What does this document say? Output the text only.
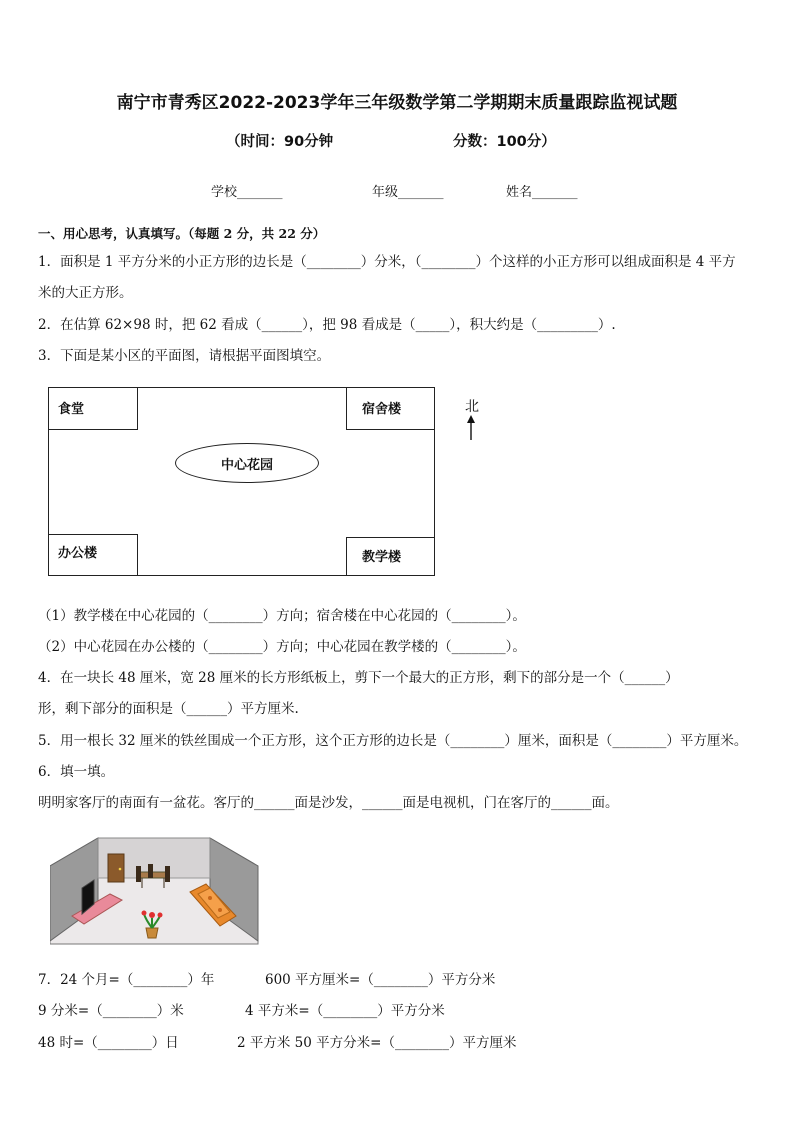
南宁市青秀区2022-2023学年三年级数学第二学期期末质量跟踪监视试题
（时间：90分钟	分数：100分）
学校_______	年级_______	姓名_______
一、用心思考，认真填写。（每题 2 分，共 22 分）
1．面积是 1 平方分米的小正方形的边长是（________）分米，（________）个这样的小正方形可以组成面积是 4 平方
米的大正方形。
2．在估算 62×98 时，把 62 看成（______），把 98 看成是（_____），积大约是（_________）.
3．下面是某小区的平面图，请根据平面图填空。
食堂	宿舍楼
办公楼	教学楼
中心花园
北
（1）教学楼在中心花园的（________）方向；宿舍楼在中心花园的（________）。
（2）中心花园在办公楼的（________）方向；中心花园在教学楼的（________）。
4．在一块长 48 厘米，宽 28 厘米的长方形纸板上，剪下一个最大的正方形，剩下的部分是一个（______）
形，剩下部分的面积是（______）平方厘米.
5．用一根长 32 厘米的铁丝围成一个正方形，这个正方形的边长是（________）厘米，面积是（________）平方厘米。
6．填一填。
明明家客厅的南面有一盆花。客厅的______面是沙发，______面是电视机，门在客厅的______面。
7．24 个月=（________）年	600 平方厘米=（________）平方分米
9 分米=（________）米	4 平方米=（________）平方分米
48 时=（________）日	2 平方米 50 平方分米=（________）平方厘米
